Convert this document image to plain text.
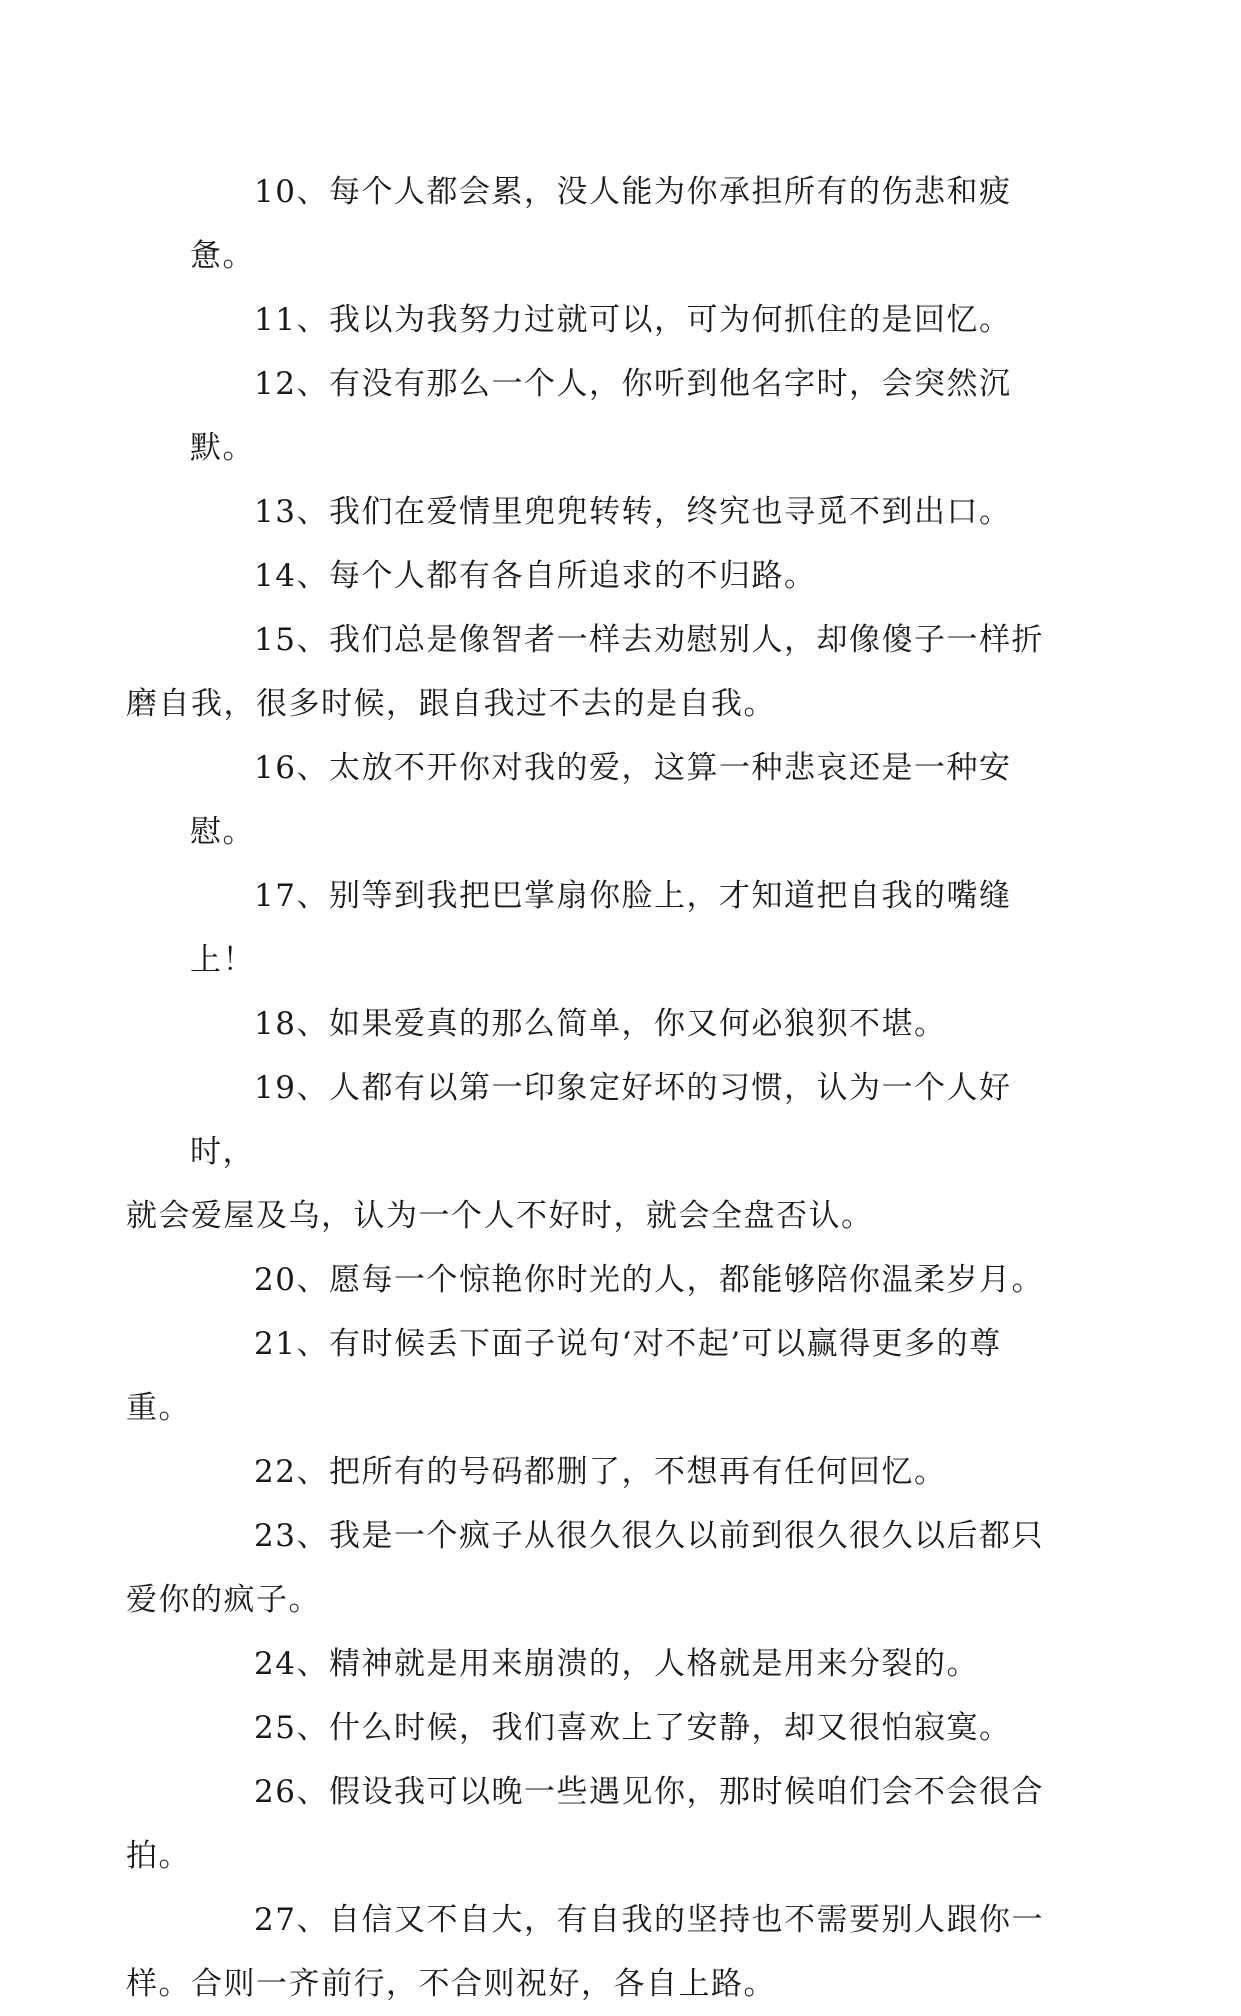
10、每个人都会累，没人能为你承担所有的伤悲和疲惫。

11、我以为我努力过就可以，可为何抓住的是回忆。

12、有没有那么一个人，你听到他名字时，会突然沉默。

13、我们在爱情里兜兜转转，终究也寻觅不到出口。

14、每个人都有各自所追求的不归路。

15、我们总是像智者一样去劝慰别人，却像傻子一样折
磨自我，很多时候，跟自我过不去的是自我。

16、太放不开你对我的爱，这算一种悲哀还是一种安慰。

17、别等到我把巴掌扇你脸上，才知道把自我的嘴缝上！

18、如果爱真的那么简单，你又何必狼狈不堪。

19、人都有以第一印象定好坏的习惯，认为一个人好时，
就会爱屋及乌，认为一个人不好时，就会全盘否认。

20、愿每一个惊艳你时光的人，都能够陪你温柔岁月。

21、有时候丢下面子说句‘对不起’可以赢得更多的尊
重。

22、把所有的号码都删了，不想再有任何回忆。

23、我是一个疯子从很久很久以前到很久很久以后都只
爱你的疯子。

24、精神就是用来崩溃的，人格就是用来分裂的。

25、什么时候，我们喜欢上了安静，却又很怕寂寞。

26、假设我可以晚一些遇见你，那时候咱们会不会很合
拍。

27、自信又不自大，有自我的坚持也不需要别人跟你一
样。合则一齐前行，不合则祝好，各自上路。
